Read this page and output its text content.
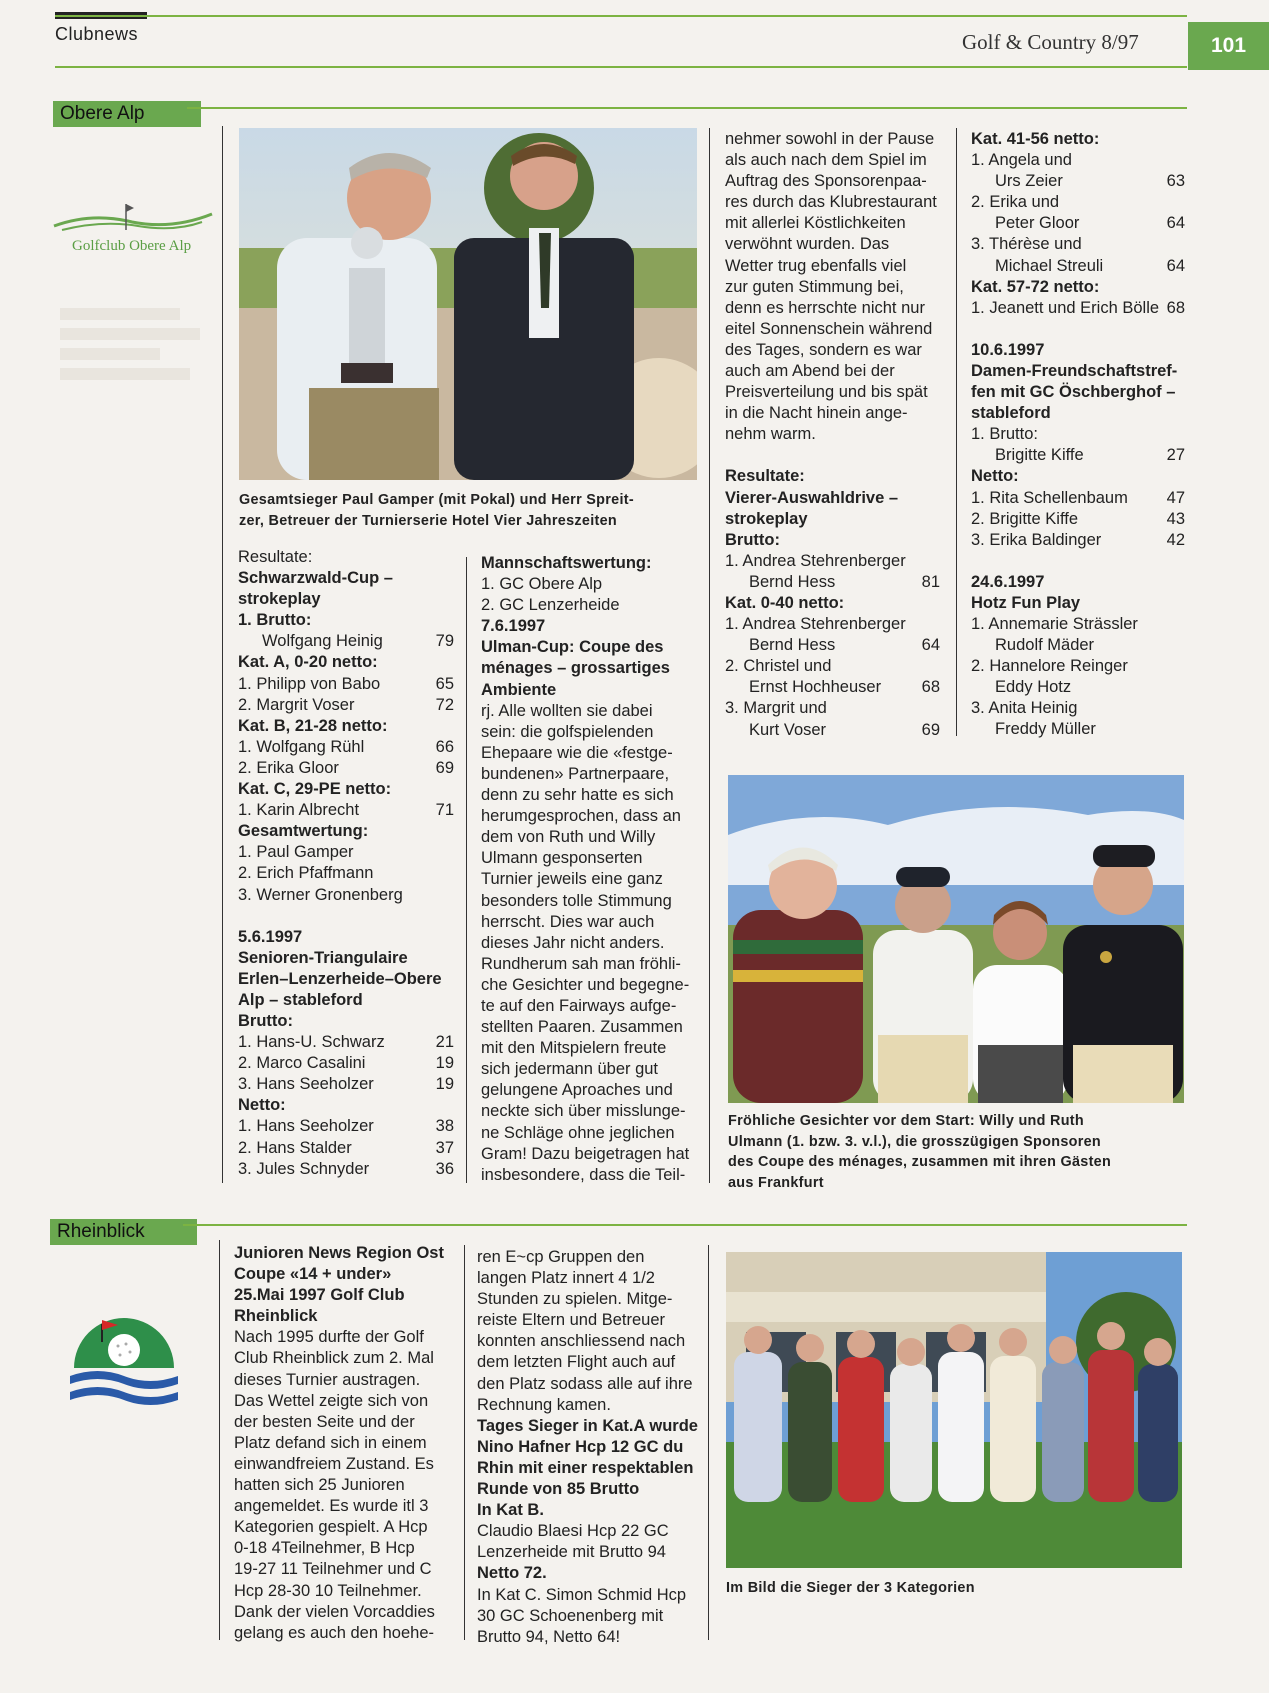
Clubnews	Golf & Country 8/97	101
Obere Alp
Golfclub Obere Alp
Gesamtsieger Paul Gamper (mit Pokal) und Herr Spreit-
zer, Betreuer der Turnierserie Hotel Vier Jahreszeiten
Resultate:
Schwarzwald-Cup –
strokeplay
1. Brutto:
Wolfgang Heinig	79
Kat. A, 0-20 netto:
1. Philipp von Babo	65
2. Margrit Voser	72
Kat. B, 21-28 netto:
1. Wolfgang Rühl	66
2. Erika Gloor	69
Kat. C, 29-PE netto:
1. Karin Albrecht	71
Gesamtwertung:
1. Paul Gamper
2. Erich Pfaffmann
3. Werner Gronenberg
5.6.1997
Senioren-Triangulaire
Erlen–Lenzerheide–Obere
Alp – stableford
Brutto:
1. Hans-U. Schwarz	21
2. Marco Casalini	19
3. Hans Seeholzer	19
Netto:
1. Hans Seeholzer	38
2. Hans Stalder	37
3. Jules Schnyder	36
Mannschaftswertung:
1. GC Obere Alp
2. GC Lenzerheide
7.6.1997
Ulman-Cup: Coupe des
ménages – grossartiges
Ambiente
rj. Alle wollten sie dabei
sein: die golfspielenden
Ehepaare wie die «festge-
bundenen» Partnerpaare,
denn zu sehr hatte es sich
herumgesprochen, dass an
dem von Ruth und Willy
Ulmann gesponserten
Turnier jeweils eine ganz
besonders tolle Stimmung
herrscht. Dies war auch
dieses Jahr nicht anders.
Rundherum sah man fröhli-
che Gesichter und begegne-
te auf den Fairways aufge-
stellten Paaren. Zusammen
mit den Mitspielern freute
sich jedermann über gut
gelungene Aproaches und
neckte sich über misslunge-
ne Schläge ohne jeglichen
Gram! Dazu beigetragen hat
insbesondere, dass die Teil-
nehmer sowohl in der Pause
als auch nach dem Spiel im
Auftrag des Sponsorenpaa-
res durch das Klubrestaurant
mit allerlei Köstlichkeiten
verwöhnt wurden. Das
Wetter trug ebenfalls viel
zur guten Stimmung bei,
denn es herrschte nicht nur
eitel Sonnenschein während
des Tages, sondern es war
auch am Abend bei der
Preisverteilung und bis spät
in die Nacht hinein ange-
nehm warm.
Resultate:
Vierer-Auswahldrive –
strokeplay
Brutto:
1. Andrea Stehrenberger
Bernd Hess	81
Kat. 0-40 netto:
1. Andrea Stehrenberger
Bernd Hess	64
2. Christel und
Ernst Hochheuser 68
3. Margrit und
Kurt Voser	69
Kat. 41-56 netto:
1. Angela und
Urs Zeier	63
2. Erika und
Peter Gloor	64
3. Thérèse und
Michael Streuli	64
Kat. 57-72 netto:
1. Jeanett und Erich Bölle 68
10.6.1997
Damen-Freundschaftstref-
fen mit GC Öschberghof –
stableford
1. Brutto:
Brigitte Kiffe	27
Netto:
1. Rita Schellenbaum 47
2. Brigitte Kiffe	43
3. Erika Baldinger	42
24.6.1997
Hotz Fun Play
1. Annemarie Strässler
Rudolf Mäder
2. Hannelore Reinger
Eddy Hotz
3. Anita Heinig
Freddy Müller
Fröhliche Gesichter vor dem Start: Willy und Ruth
Ulmann (1. bzw. 3. v.l.), die grosszügigen Sponsoren
des Coupe des ménages, zusammen mit ihren Gästen
aus Frankfurt
Rheinblick
Junioren News Region Ost
Coupe «14 + under»
25.Mai 1997 Golf Club
Rheinblick
Nach 1995 durfte der Golf
Club Rheinblick zum 2. Mal
dieses Turnier austragen.
Das Wettel zeigte sich von
der besten Seite und der
Platz defand sich in einem
einwandfreiem Zustand. Es
hatten sich 25 Junioren
angemeldet. Es wurde itl 3
Kategorien gespielt. A Hcp
0-18 4Teilnehmer, B Hcp
19-27 11 Teilnehmer und C
Hcp 28-30 10 Teilnehmer.
Dank der vielen Vorcaddies
gelang es auch den hoehe-
ren E~cp Gruppen den
langen Platz innert 4 1/2
Stunden zu spielen. Mitge-
reiste Eltern und Betreuer
konnten anschliessend nach
dem letzten Flight auch auf
den Platz sodass alle auf ihre
Rechnung kamen.
Tages Sieger in Kat.A wurde
Nino Hafner Hcp 12 GC du
Rhin mit einer respektablen
Runde von 85 Brutto
In Kat B.
Claudio Blaesi Hcp 22 GC
Lenzerheide mit Brutto 94
Netto 72.
In Kat C. Simon Schmid Hcp
30 GC Schoenenberg mit
Brutto 94, Netto 64!
Im Bild die Sieger der 3 Kategorien
